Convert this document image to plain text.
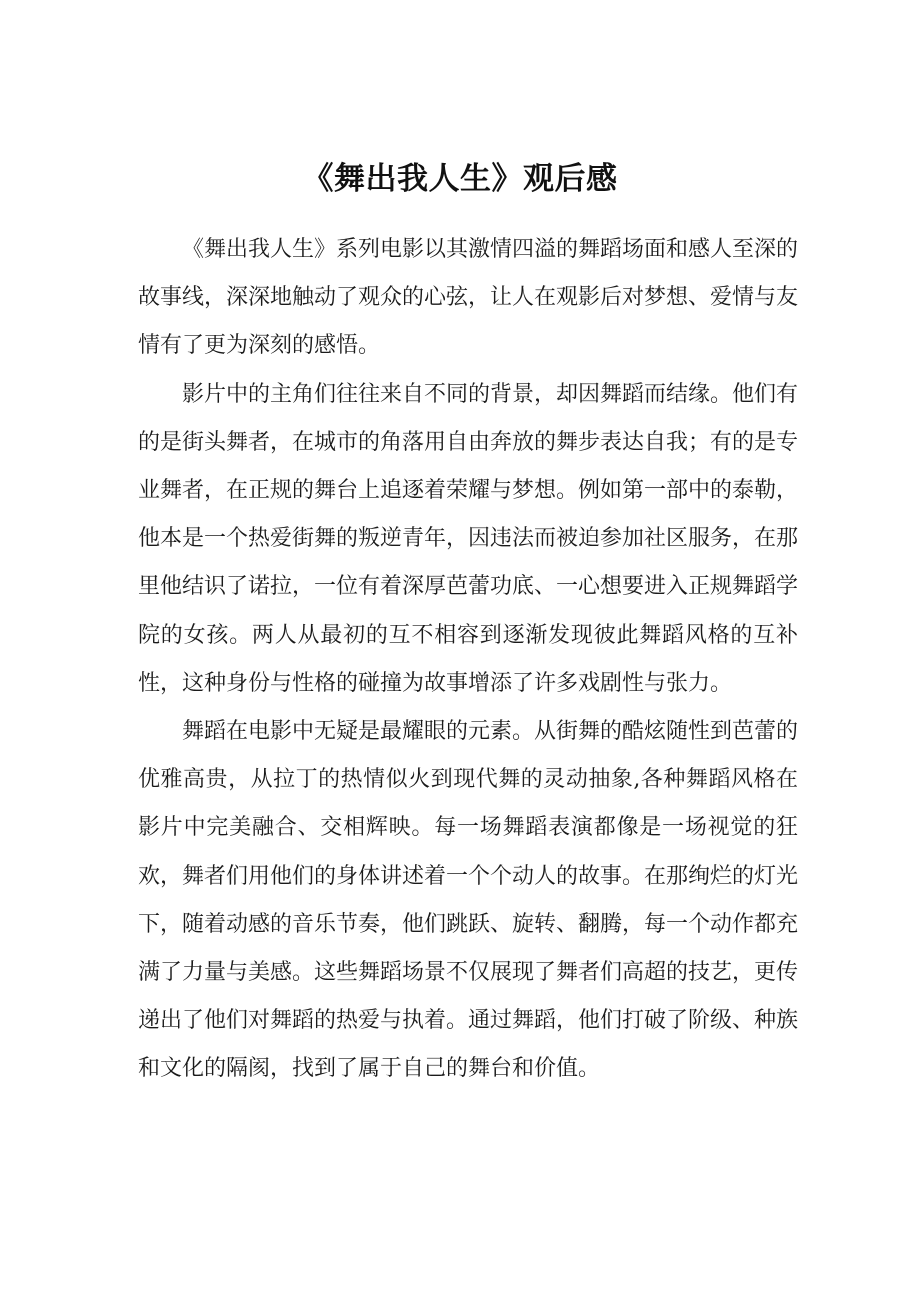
《舞出我人生》观后感

《舞出我人生》系列电影以其激情四溢的舞蹈场面和感人至深的故事线，深深地触动了观众的心弦，让人在观影后对梦想、爱情与友情有了更为深刻的感悟。

影片中的主角们往往来自不同的背景，却因舞蹈而结缘。他们有的是街头舞者，在城市的角落用自由奔放的舞步表达自我；有的是专业舞者，在正规的舞台上追逐着荣耀与梦想。例如第一部中的泰勒，他本是一个热爱街舞的叛逆青年，因违法而被迫参加社区服务，在那里他结识了诺拉，一位有着深厚芭蕾功底、一心想要进入正规舞蹈学院的女孩。两人从最初的互不相容到逐渐发现彼此舞蹈风格的互补性，这种身份与性格的碰撞为故事增添了许多戏剧性与张力。

舞蹈在电影中无疑是最耀眼的元素。从街舞的酷炫随性到芭蕾的优雅高贵，从拉丁的热情似火到现代舞的灵动抽象,各种舞蹈风格在影片中完美融合、交相辉映。每一场舞蹈表演都像是一场视觉的狂欢，舞者们用他们的身体讲述着一个个动人的故事。在那绚烂的灯光下，随着动感的音乐节奏，他们跳跃、旋转、翻腾，每一个动作都充满了力量与美感。这些舞蹈场景不仅展现了舞者们高超的技艺，更传递出了他们对舞蹈的热爱与执着。通过舞蹈，他们打破了阶级、种族和文化的隔阂，找到了属于自己的舞台和价值。
